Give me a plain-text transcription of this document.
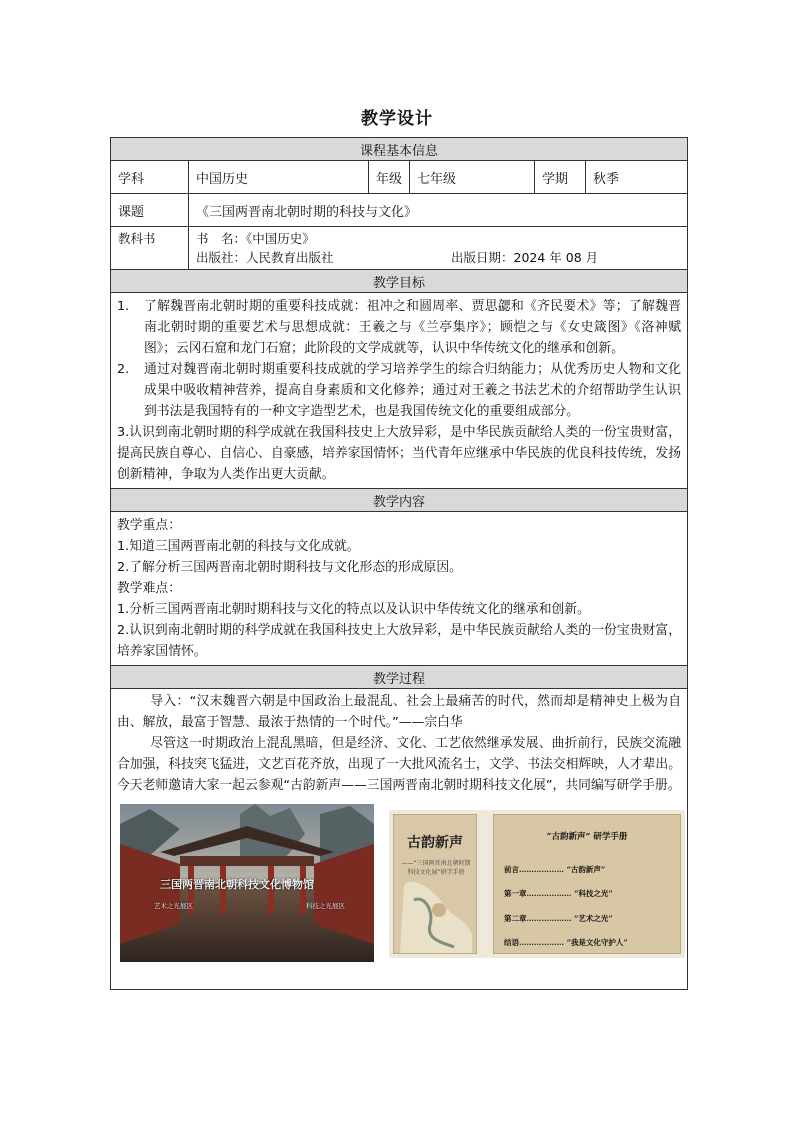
教学设计
课程基本信息
学科	中国历史	年级	七年级	学期	秋季
课题	《三国两晋南北朝时期的科技与文化》
教科书	书　名：《中国历史》
出版社：人民教育出版社	出版日期：2024 年 08 月
教学目标
1.	了解魏晋南北朝时期的重要科技成就：祖冲之和圆周率、贾思勰和《齐民要术》等；了解魏晋南北朝时期的重要艺术与思想成就：王羲之与《兰亭集序》；顾恺之与《女史箴图》《洛神赋图》；云冈石窟和龙门石窟；此阶段的文学成就等，认识中华传统文化的继承和创新。
2.	通过对魏晋南北朝时期重要科技成就的学习培养学生的综合归纳能力；从优秀历史人物和文化成果中吸收精神营养，提高自身素质和文化修养；通过对王羲之书法艺术的介绍帮助学生认识到书法是我国特有的一种文字造型艺术，也是我国传统文化的重要组成部分。
3.认识到南北朝时期的科学成就在我国科技史上大放异彩，是中华民族贡献给人类的一份宝贵财富，提高民族自尊心、自信心、自豪感，培养家国情怀；当代青年应继承中华民族的优良科技传统，发扬创新精神，争取为人类作出更大贡献。
教学内容
教学重点：
1.知道三国两晋南北朝的科技与文化成就。
2.了解分析三国两晋南北朝时期科技与文化形态的形成原因。
教学难点：
1.分析三国两晋南北朝时期科技与文化的特点以及认识中华传统文化的继承和创新。
2.认识到南北朝时期的科学成就在我国科技史上大放异彩，是中华民族贡献给人类的一份宝贵财富，培养家国情怀。
教学过程
导入：“汉末魏晋六朝是中国政治上最混乱、社会上最痛苦的时代，然而却是精神史上极为自由、解放，最富于智慧、最浓于热情的一个时代。”——宗白华
尽管这一时期政治上混乱黑暗，但是经济、文化、工艺依然继承发展、曲折前行，民族交流融合加强，科技突飞猛进，文艺百花齐放，出现了一大批风流名士，文学、书法交相辉映，人才辈出。今天老师邀请大家一起云参观“古韵新声——三国两晋南北朝时期科技文化展”，共同编写研学手册。
三国两晋南北朝科技文化博物馆
艺术之光展区	科技之光展区
古韵新声
——“三国两晋南北朝时期科技文化展”研学手册
“古韵新声” 研学手册
前言……………… “古韵新声”
第一章……………… “科技之光”
第二章……………… “艺术之光”
结语……………… “我是文化守护人”
